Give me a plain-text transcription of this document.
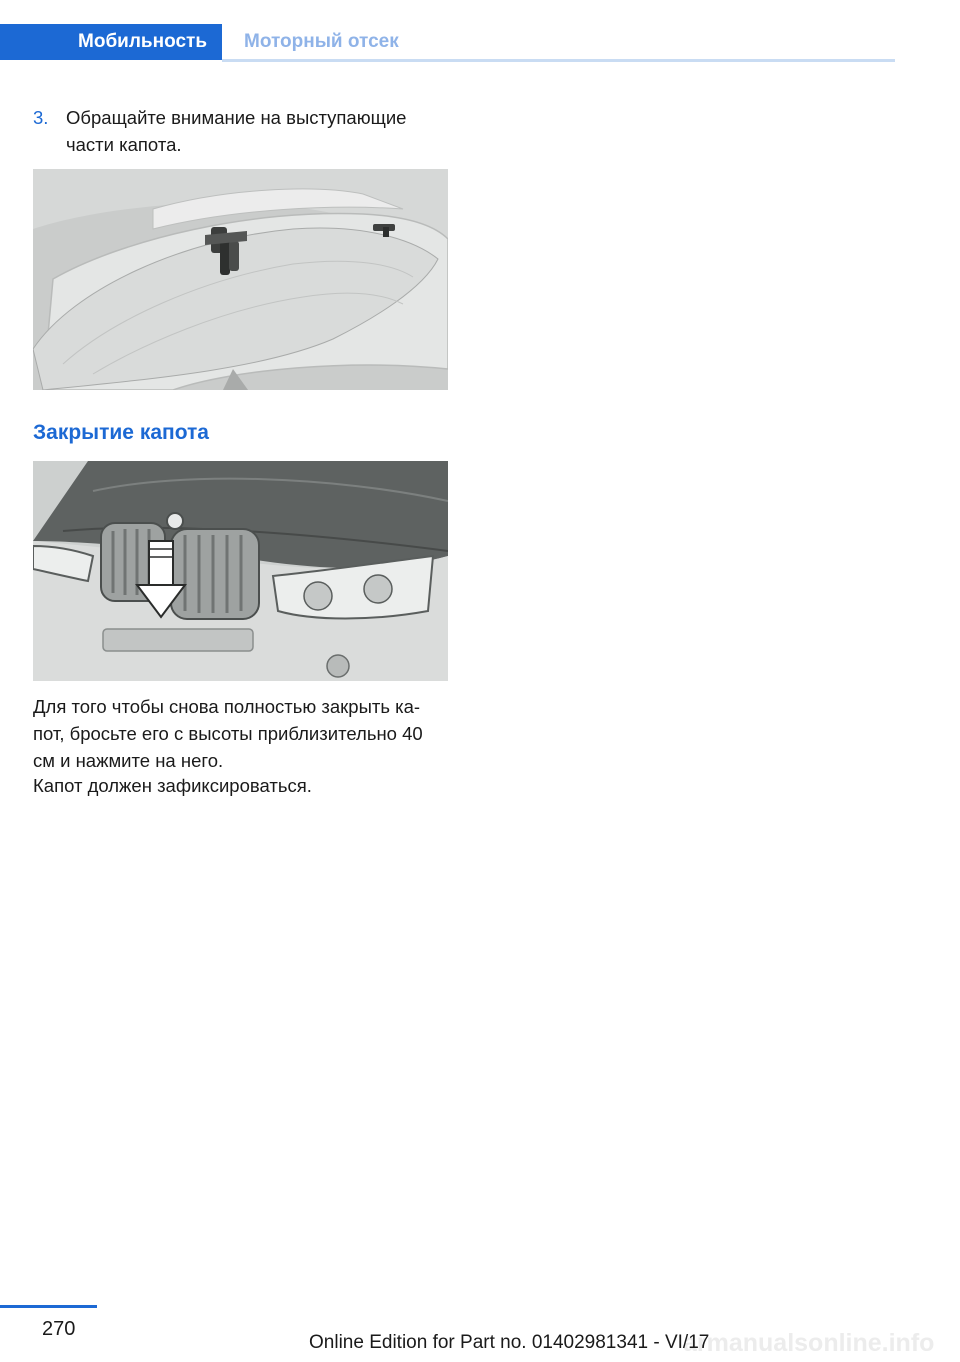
Мобильность	Моторный отсек
3. Обращайте внимание на выступающие части капота.
Закрытие капота
Для того чтобы снова полностью закрыть ка‐пот, бросьте его с высоты приблизительно 40 см и нажмите на него.
Капот должен зафиксироваться.
270	armanualsonline.info
Online Edition for Part no. 01402981341 - VI/17
